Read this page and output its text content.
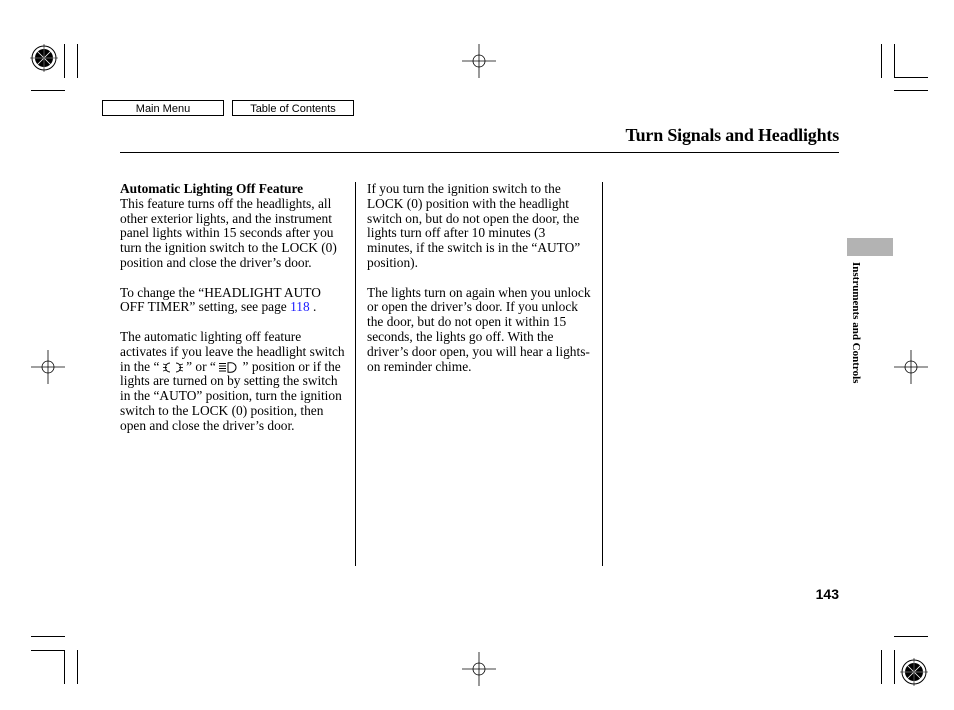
Main Menu	Table of Contents
Turn Signals and Headlights

Automatic Lighting Off Feature
This feature turns off the headlights, all other exterior lights, and the instrument panel lights within 15 seconds after you turn the ignition switch to the LOCK (0) position and close the driver’s door.

To change the “HEADLIGHT AUTO OFF TIMER” setting, see page 118 .

The automatic lighting off feature activates if you leave the headlight switch in the “  ” or “  ” position or if the lights are turned on by setting the switch in the “AUTO” position, turn the ignition switch to the LOCK (0) position, then open and close the driver’s door.

If you turn the ignition switch to the LOCK (0) position with the headlight switch on, but do not open the door, the lights turn off after 10 minutes (3 minutes, if the switch is in the “AUTO” position).

The lights turn on again when you unlock or open the driver’s door. If you unlock the door, but do not open it within 15 seconds, the lights go off. With the driver’s door open, you will hear a lights-on reminder chime.	Instruments and Controls
143
